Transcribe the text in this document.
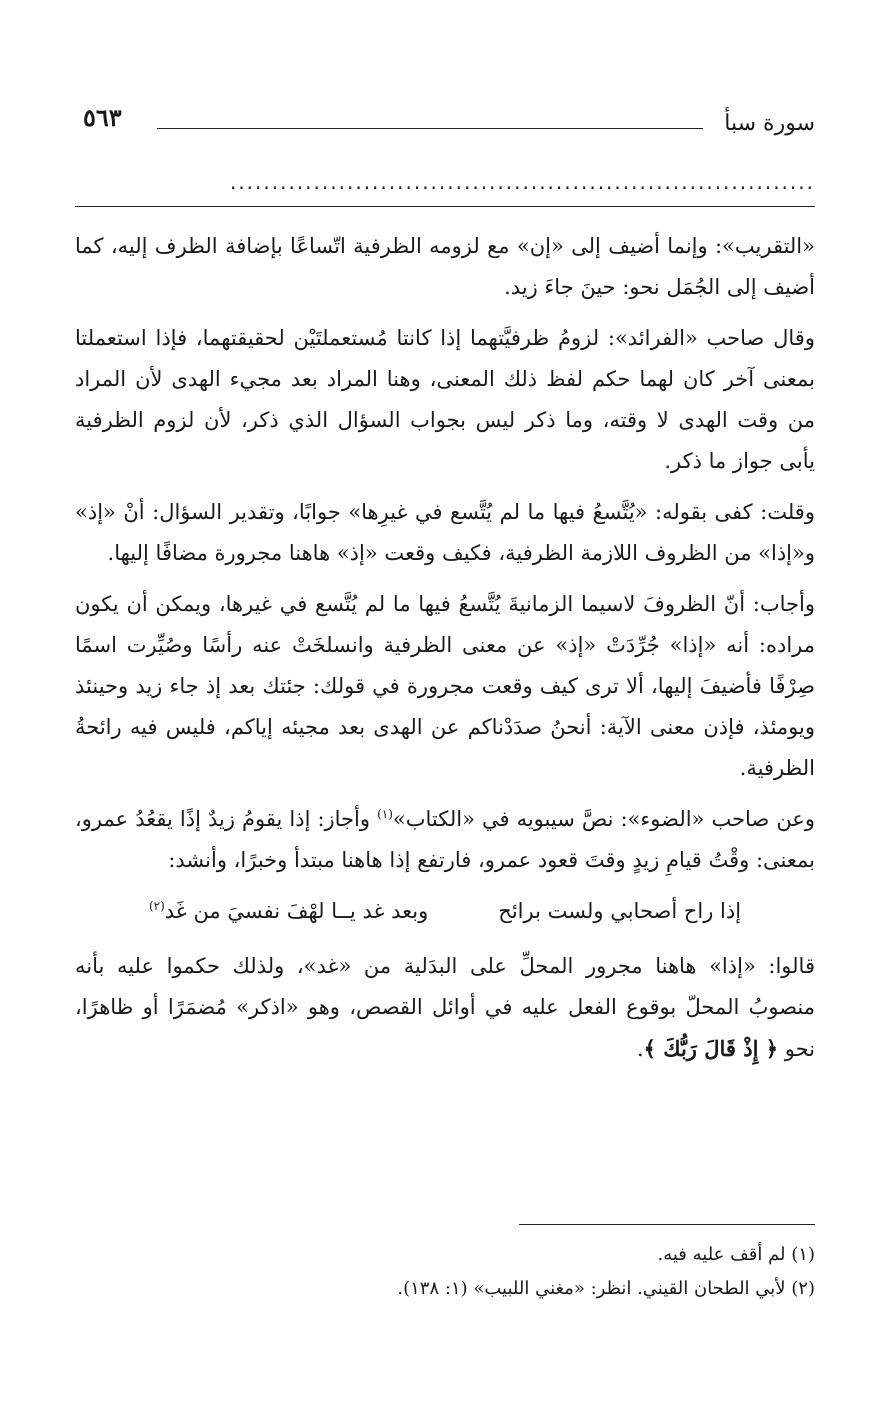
سورة سبأ
٥٦٣
......................................................................

«التقريب»: وإنما أضيف إلى «إن» مع لزومه الظرفية اتّساعًا بإضافة الظرف إليه، كما أضيف إلى الجُمَل نحو: حينَ جاءَ زيد.

وقال صاحب «الفرائد»: لزومُ ظرفيَّتهما إذا كانتا مُستعملتَيْن لحقيقتهما، فإذا استعملتا بمعنى آخر كان لهما حكم لفظ ذلك المعنى، وهنا المراد بعد مجيء الهدى لأن المراد من وقت الهدى لا وقته، وما ذكر ليس بجواب السؤال الذي ذكر، لأن لزوم الظرفية يأبى جواز ما ذكر.

وقلت: كفى بقوله: «يُتَّسعُ فيها ما لم يُتَّسع في غيرِها» جوابًا، وتقدير السؤال: أنْ «إذ» و«إذا» من الظروف اللازمة الظرفية، فكيف وقعت «إذ» هاهنا مجرورة مضافًا إليها.

وأجاب: أنّ الظروفَ لاسيما الزمانيةَ يُتَّسعُ فيها ما لم يُتَّسع في غيرها، ويمكن أن يكون مراده: أنه «إذا» جُرِّدَتْ «إذ» عن معنى الظرفية وانسلخَتْ عنه رأسًا وصُيِّرت اسمًا صِرْفًا فأضيفَ إليها، ألا ترى كيف وقعت مجرورة في قولك: جئتك بعد إذ جاء زيد وحينئذ ويومئذ، فإذن معنى الآية: أنحنُ صدَدْناكم عن الهدى بعد مجيئه إياكم، فليس فيه رائحةُ الظرفية.

وعن صاحب «الضوء»: نصَّ سيبويه في «الكتاب»$^{(١)}$ وأجاز: إذا يقومُ زيدٌ إذًا يقعُدُ عمرو، بمعنى: وقْتُ قيامِ زيدٍ وقتَ قعود عمرو، فارتفع إذا هاهنا مبتدأ وخبرًا، وأنشد:

إذا راح أصحابي ولست برائح
وبعد غد يــا لهْفَ نفسيَ من غَد$^{(٢)}$

قالوا: «إذا» هاهنا مجرور المحلِّ على البدَلية من «غد»، ولذلك حكموا عليه بأنه منصوبُ المحلّ بوقوع الفعل عليه في أوائل القصص، وهو «اذكر» مُضمَرًا أو ظاهرًا، نحو ﴿ إِذْ قَالَ رَبُّكَ ﴾.

(١) لم أقف عليه فيه.
(٢) لأبي الطحان القيني. انظر: «مغني اللبيب» (١: ١٣٨).
